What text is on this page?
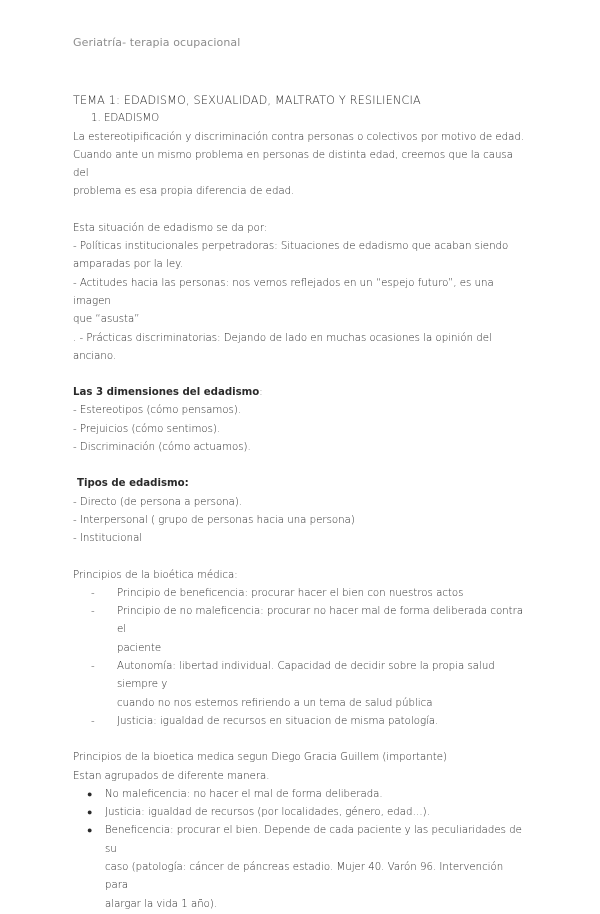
Geriatría- terapia ocupacional
TEMA 1: EDADISMO, SEXUALIDAD, MALTRATO Y RESILIENCIA
1. EDADISMO
La estereotipificación y discriminación contra personas o colectivos por motivo de edad.
Cuando ante un mismo problema en personas de distinta edad, creemos que la causa del
problema es esa propia diferencia de edad.
Esta situación de edadismo se da por:
- Políticas institucionales perpetradoras: Situaciones de edadismo que acaban siendo
amparadas por la ley.
- Actitudes hacia las personas: nos vemos reflejados en un “espejo futuro”, es una imagen
que “asusta”
. - Prácticas discriminatorias: Dejando de lado en muchas ocasiones la opinión del anciano.
Las 3 dimensiones del edadismo:
- Estereotipos (cómo pensamos).
- Prejuicios (cómo sentimos).
- Discriminación (cómo actuamos).
Tipos de edadismo:
- Directo (de persona a persona).
- Interpersonal ( grupo de personas hacia una persona)
- Institucional
Principios de la bioética médica:
-	Principio de beneficencia: procurar hacer el bien con nuestros actos
-	Principio de no maleficencia: procurar no hacer mal de forma deliberada contra el
paciente
-	Autonomía: libertad individual. Capacidad de decidir sobre la propia salud siempre y
cuando no nos estemos refiriendo a un tema de salud pública
-	Justicia: igualdad de recursos en situacion de misma patología.
Principios de la bioetica medica segun Diego Gracia Guillem (importante)
Estan agrupados de diferente manera.
●	No maleficencia: no hacer el mal de forma deliberada.
●	Justicia: igualdad de recursos (por localidades, género, edad…).
●	Beneficencia: procurar el bien. Depende de cada paciente y las peculiaridades de su
caso (patología: cáncer de páncreas estadio. Mujer 40. Varón 96. Intervención para
alargar la vida 1 año).
